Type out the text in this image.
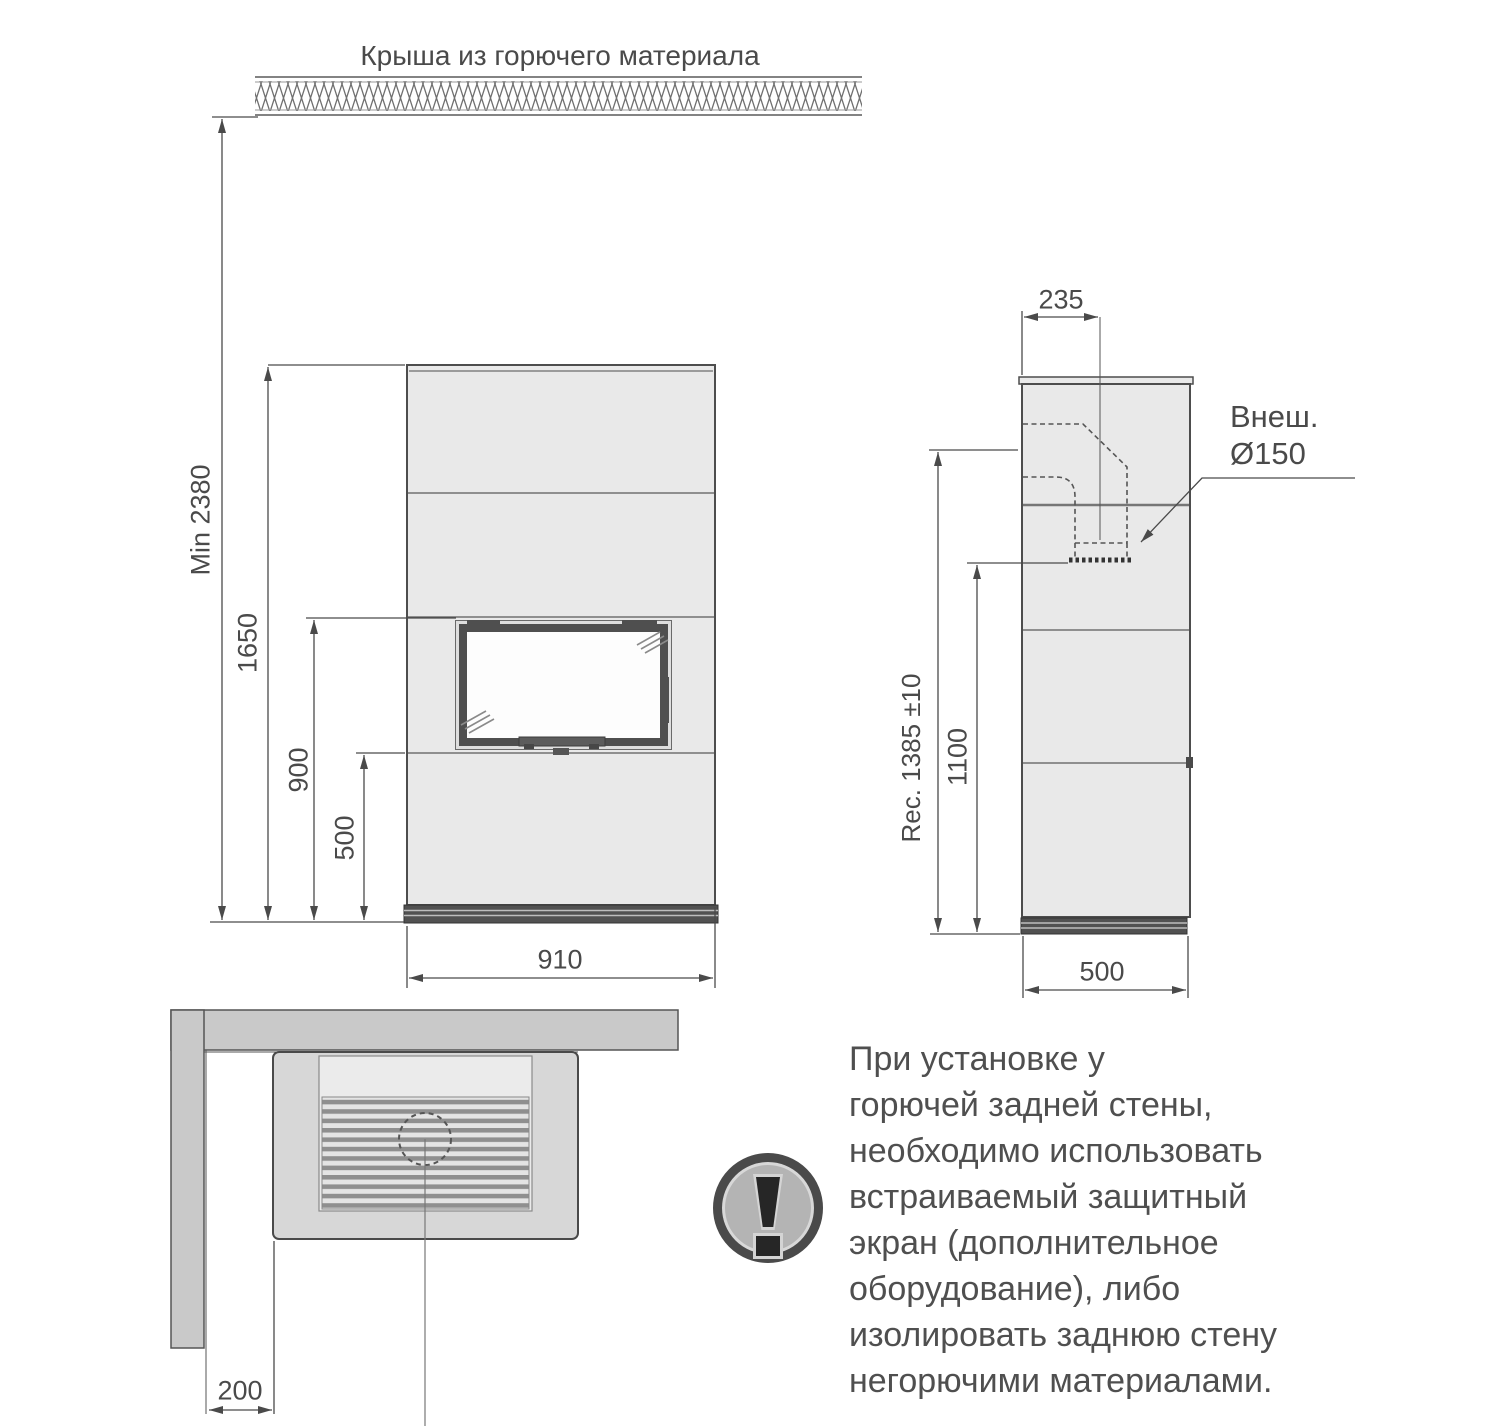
Крыша из горючего материала
Min 2380
1650
900
500
910
235
Внеш.
Ø150
Rec. 1385 ±10 1100
500
200
При установке у
горючей задней стены,
необходимо использовать
встраиваемый защитный
экран (дополнительное
оборудование), либо
изолировать заднюю стену
негорючими материалами.
